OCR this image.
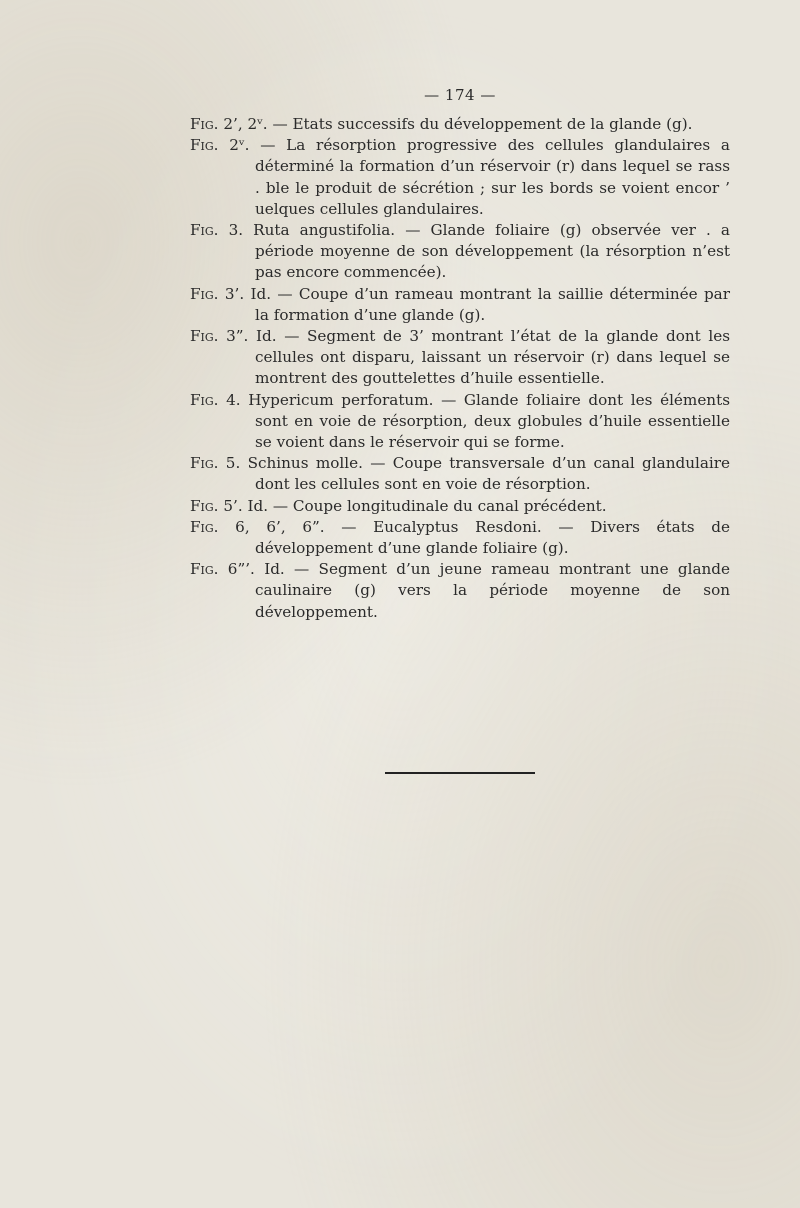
— 174 —

Fig. 2’, 2ᵛ. — Etats successifs du développement de la glande (g).

Fig. 2ᵛ. — La résorption progressive des cellules glandulaires a déterminé la formation d’un réservoir (r) dans lequel se rass . ble le produit de sécrétion ; sur les bords se voient encor ’ uelques cellules glandulaires.

Fig. 3. Ruta angustifolia. — Glande foliaire (g) observée ver . a période moyenne de son développement (la résorption n’est pas encore commencée).

Fig. 3’. Id. — Coupe d’un rameau montrant la saillie déterminée par la formation d’une glande (g).

Fig. 3”. Id. — Segment de 3’ montrant l’état de la glande dont les cellules ont disparu, laissant un réservoir (r) dans lequel se montrent des gouttelettes d’huile essentielle.

Fig. 4. Hypericum perforatum. — Glande foliaire dont les éléments sont en voie de résorption, deux globules d’huile essentielle se voient dans le réservoir qui se forme.

Fig. 5. Schinus molle. — Coupe transversale d’un canal glandulaire dont les cellules sont en voie de résorption.

Fig. 5’. Id. — Coupe longitudinale du canal précédent.

Fig. 6, 6’, 6”. — Eucalyptus Resdoni. — Divers états de développement d’une glande foliaire (g).

Fig. 6”’. Id. — Segment d’un jeune rameau montrant une glande caulinaire (g) vers la période moyenne de son développement.
